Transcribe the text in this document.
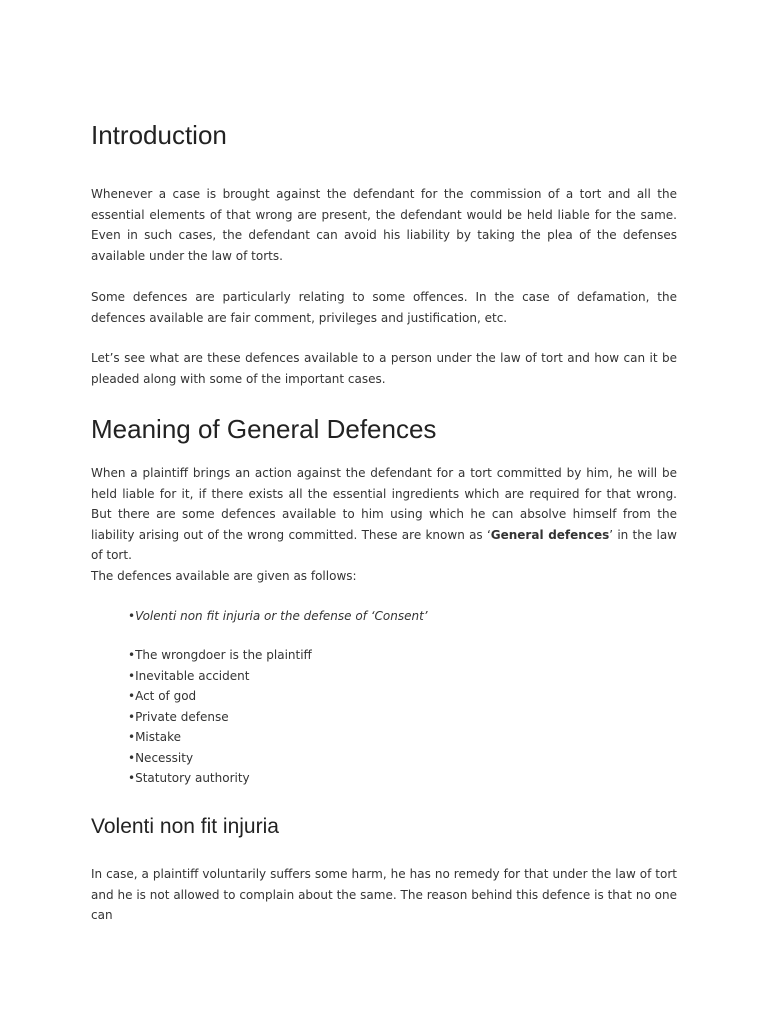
Introduction

Whenever a case is brought against the defendant for the commission of a tort and all the essential elements of that wrong are present, the defendant would be held liable for the same. Even in such cases, the defendant can avoid his liability by taking the plea of the defenses available under the law of torts.

Some defences are particularly relating to some offences. In the case of defamation, the defences available are fair comment, privileges and justification, etc.

Let’s see what are these defences available to a person under the law of tort and how can it be pleaded along with some of the important cases.

Meaning of General Defences

When a plaintiff brings an action against the defendant for a tort committed by him, he will be held liable for it, if there exists all the essential ingredients which are required for that wrong. But there are some defences available to him using which he can absolve himself from the liability arising out of the wrong committed. These are known as ‘General defences’ in the law of tort.

The defences available are given as follows:

•Volenti non fit injuria or the defense of ‘Consent’
•The wrongdoer is the plaintiff
•Inevitable accident
•Act of god
•Private defense
•Mistake
•Necessity
•Statutory authority
Volenti non fit injuria

In case, a plaintiff voluntarily suffers some harm, he has no remedy for that under the law of tort and he is not allowed to complain about the same. The reason behind this defence is that no one can
